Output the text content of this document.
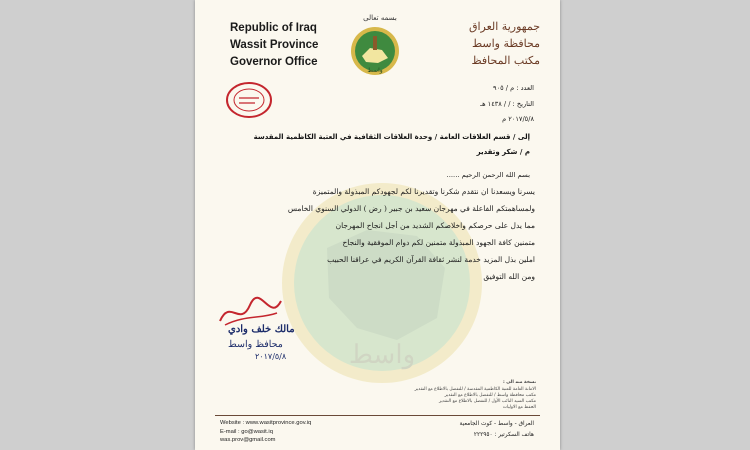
واسط
Republic of Iraq
Wassit Province
Governor Office
بسمه تعالى
واسط
جمهورية العراق
محافظة واسط
مكتب المحافظ
العدد : م / ٩٠٥
التاريخ : / / ١٤٣٨ هـ
٢٠١٧/٥/٨ م
إلى / قسم العلاقات العامة / وحدة العلاقات الثقافية في العتبة الكاظمية المقدسة
م / شكر وتقدير
بسم الله الرحمن الرحيم ......
يسرنا ويسعدنا ان نتقدم شكرنا وتقديرنا لكم لجهودكم المبذولة والمتميزة
ولمساهمتكم الفاعلة في مهرجان سعيد بن جبير ( رض ) الدولي السنوي الخامس
مما يدل على حرصكم واخلاصكم الشديد من أجل انجاح المهرجان
متمنين كافة الجهود المبذولة متمنين لكم دوام الموفقية والنجاح
املين بذل المزيد خدمة لنشر ثقافة القرآن الكريم في عراقنا الحبيب
ومن الله التوفيق
مالك خلف وادي
محافظ واسط
٢٠١٧/٥/٨
نسخة منه الى :
الامانة العامة للعتبة الكاظمية المقدسة / للتفضل بالاطلاع مع التقدير
مكتب محافظة واسط / للتفضل بالاطلاع مع التقدير
مكتب السيد النائب الأول / للتفضل بالاطلاع مع التقدير
الحفظ مع الاوليات
Website : www.wasitprovince.gov.iq
E-mail : go@wasit.iq
was.prov@gmail.com
العراق - واسط - كوت الجامعية
هاتف السكرتير : ٢٢٢٩٥٠
